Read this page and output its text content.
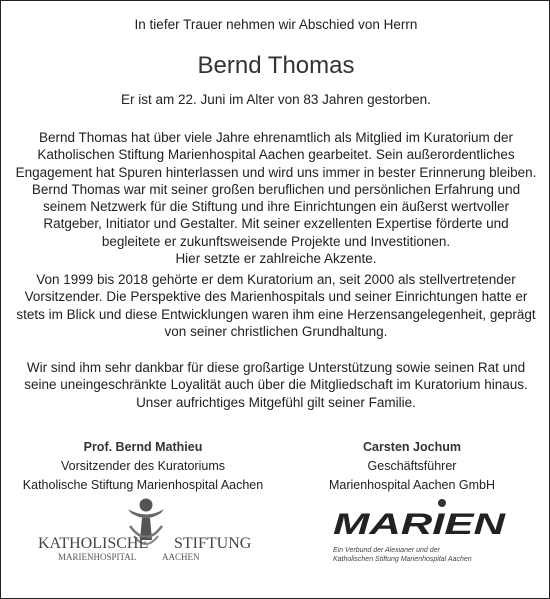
In tiefer Trauer nehmen wir Abschied von Herrn
Bernd Thomas
Er ist am 22. Juni im Alter von 83 Jahren gestorben.
Bernd Thomas hat über viele Jahre ehrenamtlich als Mitglied im Kuratorium der
Katholischen Stiftung Marienhospital Aachen gearbeitet. Sein außerordentliches
Engagement hat Spuren hinterlassen und wird uns immer in bester Erinnerung bleiben.
Bernd Thomas war mit seiner großen beruflichen und persönlichen Erfahrung und
seinem Netzwerk für die Stiftung und ihre Einrichtungen ein äußerst wertvoller
Ratgeber, Initiator und Gestalter. Mit seiner exzellenten Expertise förderte und
begleitete er zukunftsweisende Projekte und Investitionen.
Hier setzte er zahlreiche Akzente.
Von 1999 bis 2018 gehörte er dem Kuratorium an, seit 2000 als stellvertretender
Vorsitzender. Die Perspektive des Marienhospitals und seiner Einrichtungen hatte er
stets im Blick und diese Entwicklungen waren ihm eine Herzensangelegenheit, geprägt
von seiner christlichen Grundhaltung.
Wir sind ihm sehr dankbar für diese großartige Unterstützung sowie seinen Rat und
seine uneingeschränkte Loyalität auch über die Mitgliedschaft im Kuratorium hinaus.
Unser aufrichtiges Mitgefühl gilt seiner Familie.
Prof. Bernd Mathieu
Vorsitzender des Kuratoriums
Katholische Stiftung Marienhospital Aachen
Carsten Jochum
Geschäftsführer
Marienhospital Aachen GmbH
KATHOLISCHE STIFTUNG
MARIENHOSPITAL	AACHEN
MARIEN
Ein Verbund der Alexianer und der
Katholischen Stiftung Marienhospital Aachen
